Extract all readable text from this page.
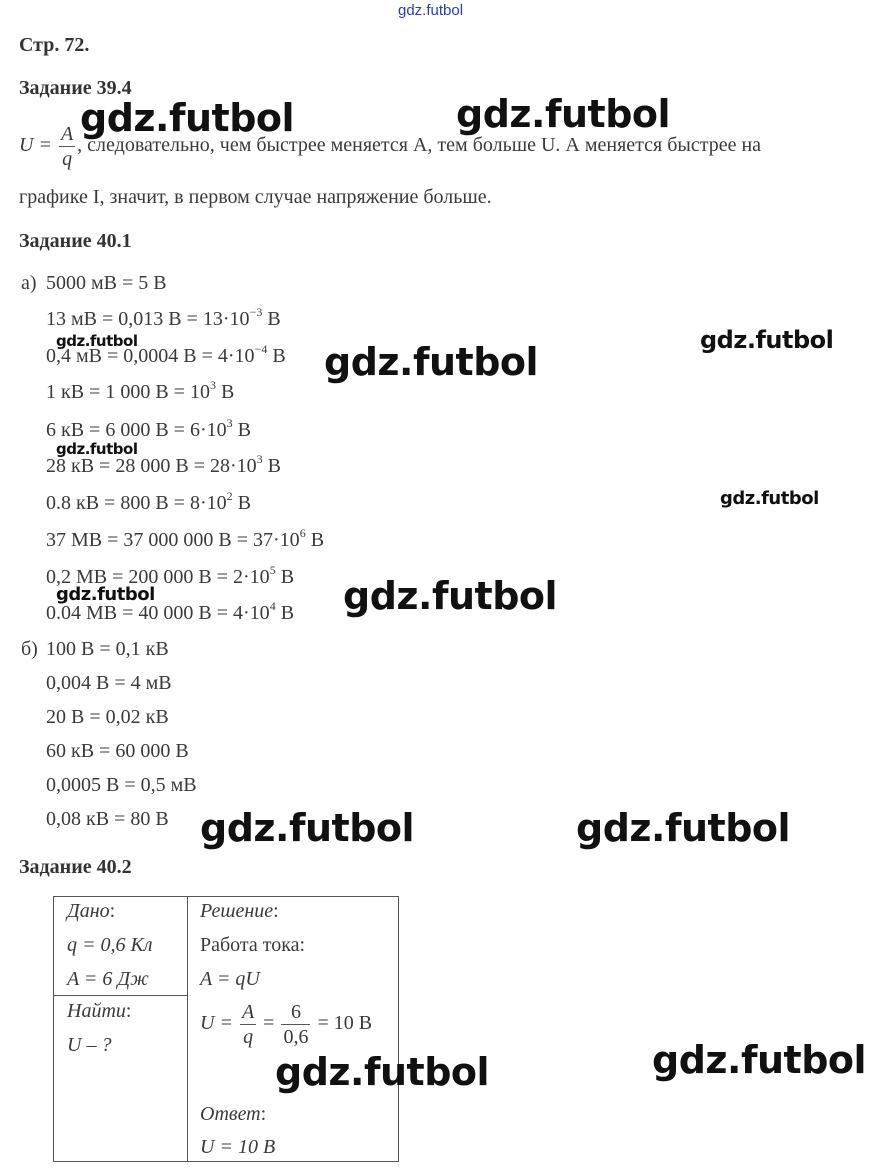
gdz.futbol
Стр. 72.
Задание 39.4
$U = \frac{A}{q}$ , следовательно, чем быстрее меняется А, тем больше U. А меняется быстрее на
графике I, значит, в первом случае напряжение больше.
Задание 40.1
а) 5000 мВ = 5 В
13 мВ = 0,013 $В = 13\cdot 10^{-3}$ В
0,4 мВ = 0,0004 $В = 4\cdot 10^{-4}$ В
1 кВ = 1 000 $В = 10^3$ В
6 кВ = 6 000 $В = 6\cdot 10^3$ В
28 кВ = 28 000 $В = 28\cdot 10^3$ В
0.8 кВ = 800 $В = 8\cdot 10^2$ В
37 МВ = 37 000 000 $В = 37\cdot 10^6$ В
0,2 МВ = 200 000 $В = 2\cdot 10^5$ В
0.04 МВ = 40 000 $В = 4\cdot 10^4$ В
б) 100 В = 0,1 кВ
0,004 В = 4 мВ
20 В = 0,02 кВ
60 кВ = 60 000 В
0,0005 В = 0,5 мВ
0,08 кВ = 80 В
Задание 40.2
Дано:
q = 0,6 Кл
A = 6 Дж
Найти:
U – ?
Решение:
Работа тока:
A = qU
$U = \frac{A}{q} = \frac{6}{0,6} = 10$ В
Ответ:
U = 10 В
gdz.futbol	gdz.futbol
gdz.futbol	gdz.futbol	gdz.futbol
gdz.futbol
gdz.futbol
gdz.futbol
gdz.futbol
gdz.futbol	gdz.futbol
gdz.futbol
gdz.futbol
